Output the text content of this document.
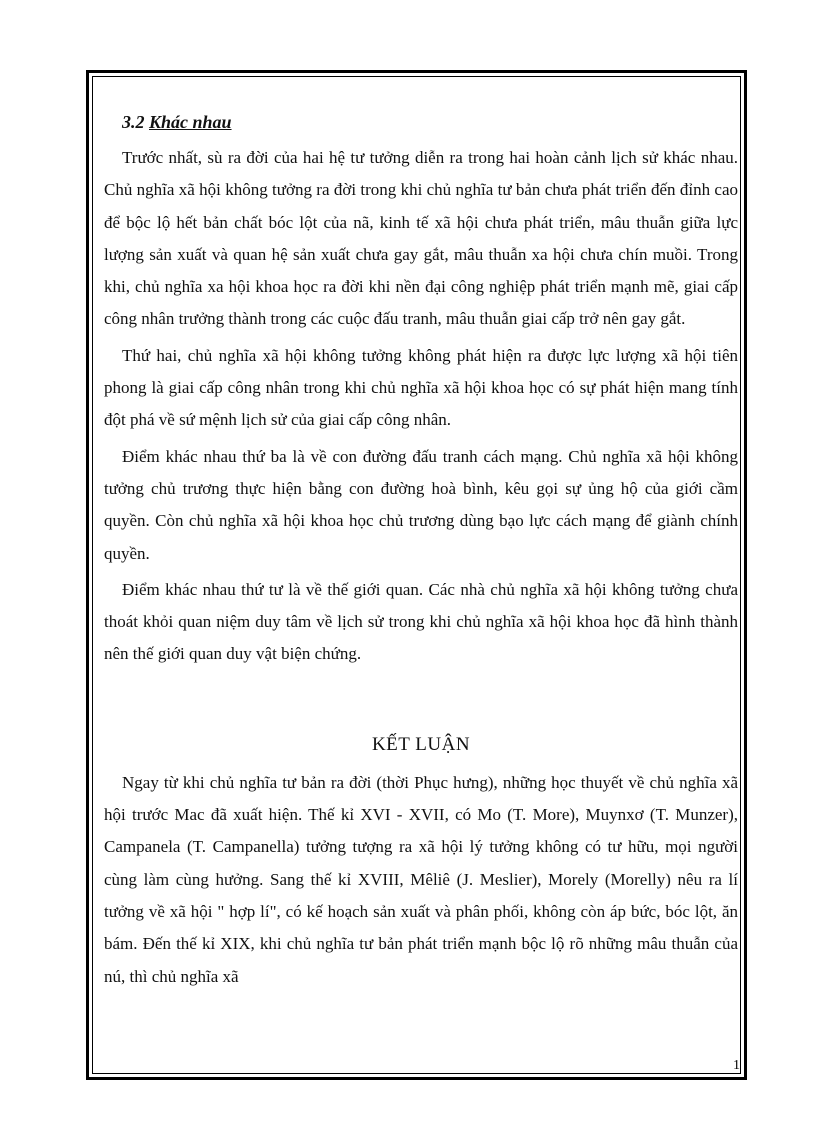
3.2 Khác nhau

Trước nhất, sù ra đời của hai hệ tư tưởng diễn ra trong hai hoàn cảnh lịch sử khác nhau. Chủ nghĩa xã hội không tưởng ra đời trong khi chủ nghĩa tư bản chưa phát triển đến đỉnh cao để bộc lộ hết bản chất bóc lột của nã, kinh tế xã hội chưa phát triển, mâu thuẫn giữa lực lượng sản xuất và quan hệ sản xuất chưa gay gắt, mâu thuẫn xa hội chưa chín muồi. Trong khi, chủ nghĩa xa hội khoa học ra đời khi nền đại công nghiệp phát triển mạnh mẽ, giai cấp công nhân trưởng thành trong các cuộc đấu tranh, mâu thuẫn giai cấp trở nên gay gắt.

Thứ hai, chủ nghĩa xã hội không tưởng không phát hiện ra được lực lượng xã hội tiên phong là giai cấp công nhân trong khi chủ nghĩa xã hội khoa học có sự phát hiện mang tính đột phá về sứ mệnh lịch sử của giai cấp công nhân.

Điểm khác nhau thứ ba là về con đường đấu tranh cách mạng. Chủ nghĩa xã hội không tưởng chủ trương thực hiện bằng con đường hoà bình, kêu gọi sự ủng hộ của giới cầm quyền. Còn chủ nghĩa xã hội khoa học chủ trương dùng bạo lực cách mạng để giành chính quyền.

Điểm khác nhau thứ tư là về thế giới quan. Các nhà chủ nghĩa xã hội không tưởng chưa thoát khỏi quan niệm duy tâm về lịch sử trong khi chủ nghĩa xã hội khoa học đã hình thành nên thế giới quan duy vật biện chứng.

KẾT LUẬN

Ngay từ khi chủ nghĩa tư bản ra đời (thời Phục hưng), những học thuyết về chủ nghĩa xã hội trước Mac đã xuất hiện. Thế kỉ XVI - XVII, có Mo (T. More), Muynxơ (T. Munzer), Campanela (T. Campanella) tưởng tượng ra xã hội lý tưởng không có tư hữu, mọi người cùng làm cùng hưởng. Sang thế kỉ XVIII, Mêliê (J. Meslier), Morely (Morelly) nêu ra lí tưởng về xã hội " hợp lí", có kế hoạch sản xuất và phân phối, không còn áp bức, bóc lột, ăn bám. Đến thế kỉ XIX, khi chủ nghĩa tư bản phát triển mạnh bộc lộ rõ những mâu thuẫn của nú, thì chủ nghĩa xã

1
